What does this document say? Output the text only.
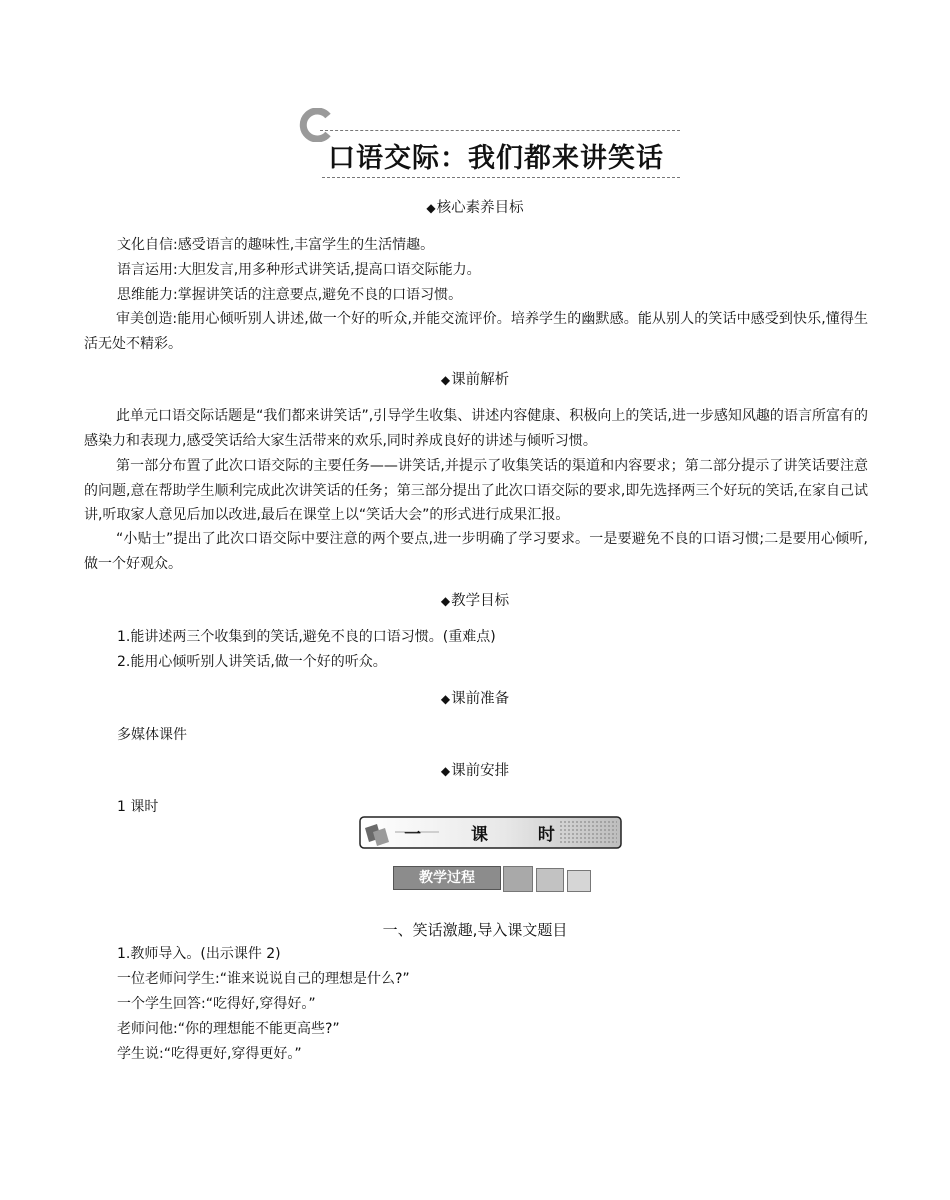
口语交际：我们都来讲笑话
◆核心素养目标
文化自信:感受语言的趣味性,丰富学生的生活情趣。
语言运用:大胆发言,用多种形式讲笑话,提高口语交际能力。
思维能力:掌握讲笑话的注意要点,避免不良的口语习惯。
审美创造:能用心倾听别人讲述,做一个好的听众,并能交流评价。培养学生的幽默感。能从别人的笑话中感受到快乐,懂得生活无处不精彩。
◆课前解析
此单元口语交际话题是“我们都来讲笑话”,引导学生收集、讲述内容健康、积极向上的笑话,进一步感知风趣的语言所富有的感染力和表现力,感受笑话给大家生活带来的欢乐,同时养成良好的讲述与倾听习惯。
第一部分布置了此次口语交际的主要任务——讲笑话,并提示了收集笑话的渠道和内容要求；第二部分提示了讲笑话要注意的问题,意在帮助学生顺利完成此次讲笑话的任务；第三部分提出了此次口语交际的要求,即先选择两三个好玩的笑话,在家自己试讲,听取家人意见后加以改进,最后在课堂上以“笑话大会”的形式进行成果汇报。
“小贴士”提出了此次口语交际中要注意的两个要点,进一步明确了学习要求。一是要避免不良的口语习惯;二是要用心倾听,做一个好观众。
◆教学目标
1.能讲述两三个收集到的笑话,避免不良的口语习惯。(重难点)
2.能用心倾听别人讲笑话,做一个好的听众。
◆课前准备
多媒体课件
◆课前安排
1 课时
一 课 时
教学过程
一、笑话激趣,导入课文题目
1.教师导入。(出示课件 2)
一位老师问学生:“谁来说说自己的理想是什么?”
一个学生回答:“吃得好,穿得好。”
老师问他:“你的理想能不能更高些?”
学生说:“吃得更好,穿得更好。”
